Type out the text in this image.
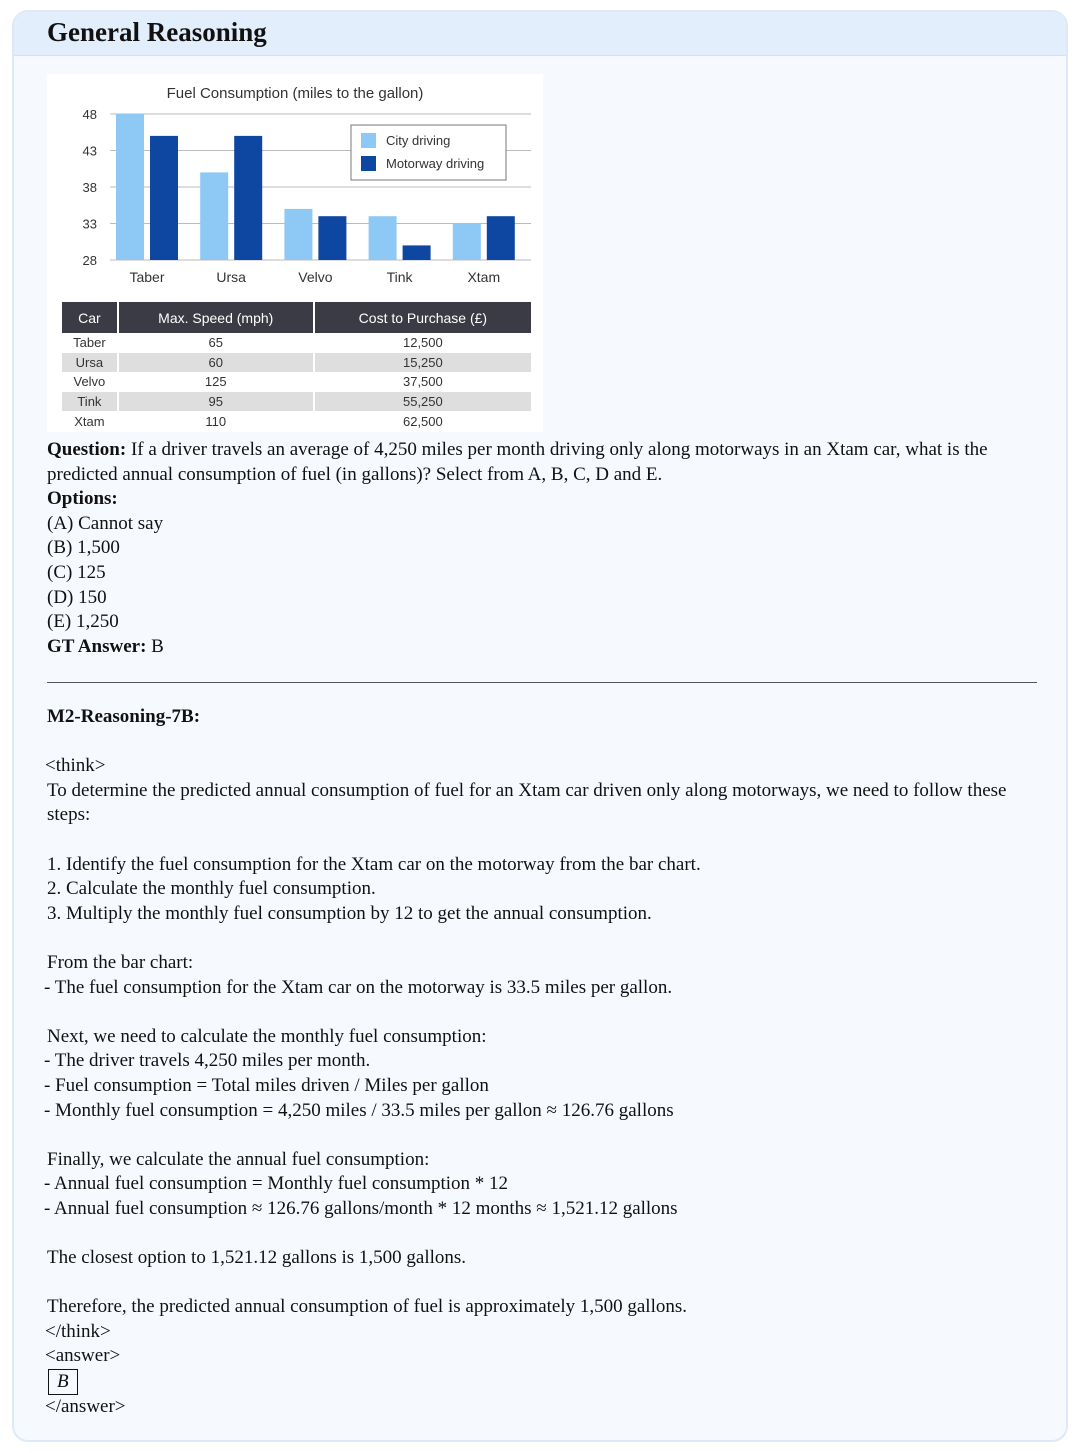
General Reasoning
Fuel Consumption (miles to the gallon)
48
43
38
33
28
Taber	Ursa	Velvo	Tink	Xtam
City driving
Motorway driving
Car	Max. Speed (mph)	Cost to Purchase (£)
Taber	65	12,500
Ursa	60	15,250
Velvo	125	37,500
Tink	95	55,250
Xtam	110	62,500

Question: If a driver travels an average of 4,250 miles per month driving only along motorways in an Xtam car, what is the predicted annual consumption of fuel (in gallons)? Select from A, B, C, D and E.

Options:

(A) Cannot say

(B) 1,500

(C) 125

(D) 150

(E) 1,250

GT Answer: B

M2-Reasoning-7B:

<think>

To determine the predicted annual consumption of fuel for an Xtam car driven only along motorways, we need to follow these steps:

1. Identify the fuel consumption for the Xtam car on the motorway from the bar chart.

2. Calculate the monthly fuel consumption.

3. Multiply the monthly fuel consumption by 12 to get the annual consumption.

From the bar chart:

- The fuel consumption for the Xtam car on the motorway is 33.5 miles per gallon.

Next, we need to calculate the monthly fuel consumption:

- The driver travels 4,250 miles per month.

- Fuel consumption = Total miles driven / Miles per gallon

- Monthly fuel consumption = 4,250 miles / 33.5 miles per gallon ≈ 126.76 gallons

Finally, we calculate the annual fuel consumption:

- Annual fuel consumption = Monthly fuel consumption * 12

- Annual fuel consumption ≈ 126.76 gallons/month * 12 months ≈ 1,521.12 gallons

The closest option to 1,521.12 gallons is 1,500 gallons.

Therefore, the predicted annual consumption of fuel is approximately 1,500 gallons.

</think>

<answer>

B

</answer>
